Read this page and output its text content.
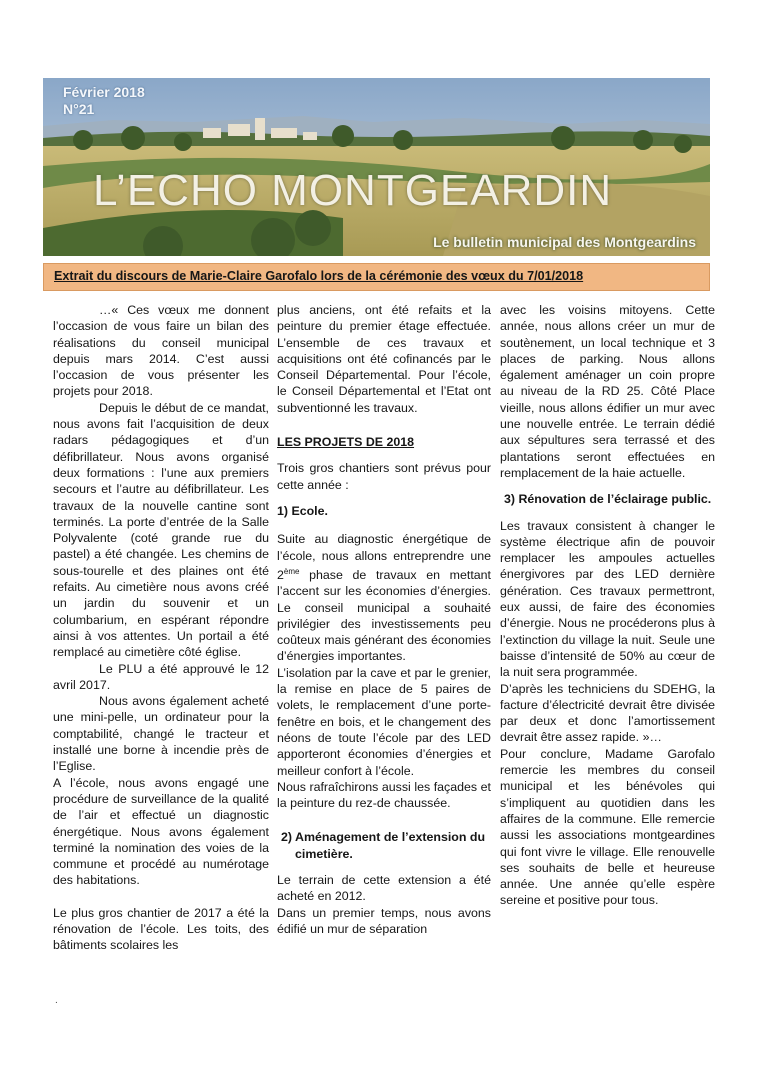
Février 2018
N°21
L’ECHO MONTGEARDIN
Le bulletin municipal des Montgeardins
Extrait du discours de Marie-Claire Garofalo lors de la cérémonie des vœux du 7/01/2018

…« Ces vœux me donnent l’occasion de vous faire un bilan des réalisations du conseil municipal depuis mars 2014. C’est aussi l’occasion de vous présenter les projets pour 2018.

Depuis le début de ce mandat, nous avons fait l’acquisition de deux radars pédagogiques et d’un défibrillateur. Nous avons organisé deux formations : l’une aux premiers secours et l’autre au défibrillateur. Les travaux de la nouvelle cantine sont terminés. La porte d’entrée de la Salle Polyvalente (coté grande rue du pastel) a été changée. Les chemins de sous-tourelle et des plaines ont été refaits. Au cimetière nous avons créé un jardin du souvenir et un columbarium, en espérant répondre ainsi à vos attentes. Un portail a été remplacé au cimetière côté église.

Le PLU a été approuvé le 12 avril 2017.

Nous avons également acheté une mini-pelle, un ordinateur pour la comptabilité, changé le tracteur et installé une borne à incendie près de l’Eglise.

A l’école, nous avons engagé une procédure de surveillance de la qualité de l’air et effectué un diagnostic énergétique. Nous avons également terminé la nomination des voies de la commune et procédé au numérotage des habitations.

Le plus gros chantier de 2017 a été la rénovation de l’école. Les toits, des bâtiments scolaires les

plus anciens, ont été refaits et la peinture du premier étage effectuée. L’ensemble de ces travaux et acquisitions ont été cofinancés par le Conseil Départemental. Pour l’école, le Conseil Départemental et l’Etat ont subventionné les travaux.

LES PROJETS DE 2018

Trois gros chantiers sont prévus pour cette année :

1) Ecole.

Suite au diagnostic énergétique de l’école, nous allons entreprendre une 2ème phase de travaux en mettant l’accent sur les économies d’énergies. Le conseil municipal a souhaité privilégier des investissements peu coûteux mais générant des économies d’énergies importantes.

L’isolation par la cave et par le grenier, la remise en place de 5 paires de volets, le remplacement d’une porte-fenêtre en bois, et le changement des néons de toute l’école par des LED apporteront économies d’énergies et meilleur confort à l’école.

Nous rafraîchirons aussi les façades et la peinture du rez-de chaussée.

2) Aménagement de l’extension du cimetière.

Le terrain de cette extension a été acheté en 2012.

Dans un premier temps, nous avons édifié un mur de séparation

avec les voisins mitoyens. Cette année, nous allons créer un mur de soutènement, un local technique et 3 places de parking. Nous allons également aménager un coin propre au niveau de la RD 25. Côté Place vieille, nous allons édifier un mur avec une nouvelle entrée. Le terrain dédié aux sépultures sera terrassé et des plantations seront effectuées en remplacement de la haie actuelle.

3) Rénovation de l’éclairage public.

Les travaux consistent à changer le système électrique afin de pouvoir remplacer les ampoules actuelles énergivores par des LED dernière génération. Ces travaux permettront, eux aussi, de faire des économies d’énergie. Nous ne procéderons plus à l’extinction du village la nuit. Seule une baisse d’intensité de 50% au cœur de la nuit sera programmée.

D’après les techniciens du SDEHG, la facture d’électricité devrait être divisée par deux et donc l’amortissement devrait être assez rapide. »…

Pour conclure, Madame Garofalo remercie les membres du conseil municipal et les bénévoles qui s’impliquent au quotidien dans les affaires de la commune. Elle remercie aussi les associations montgeardines qui font vivre le village. Elle renouvelle ses souhaits de belle et heureuse année. Une année qu’elle espère sereine et positive pour tous.

.
